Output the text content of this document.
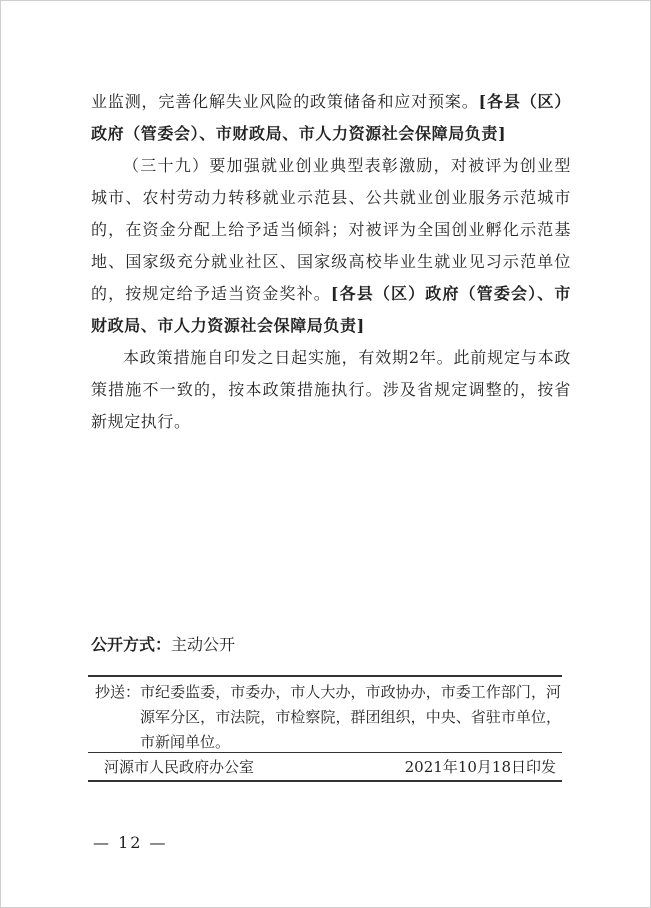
业监测，完善化解失业风险的政策储备和应对预案。[各县（区）政府（管委会）、市财政局、市人力资源社会保障局负责]

（三十九）要加强就业创业典型表彰激励，对被评为创业型城市、农村劳动力转移就业示范县、公共就业创业服务示范城市的，在资金分配上给予适当倾斜；对被评为全国创业孵化示范基地、国家级充分就业社区、国家级高校毕业生就业见习示范单位的，按规定给予适当资金奖补。[各县（区）政府（管委会）、市财政局、市人力资源社会保障局负责]

本政策措施自印发之日起实施，有效期2年。此前规定与本政策措施不一致的，按本政策措施执行。涉及省规定调整的，按省新规定执行。

公开方式：主动公开
抄送： 市纪委监委，市委办，市人大办，市政协办，市委工作部门，河源军分区，市法院，市检察院，群团组织，中央、省驻市单位，市新闻单位。
河源市人民政府办公室	2021年10月18日印发
— 12 —
